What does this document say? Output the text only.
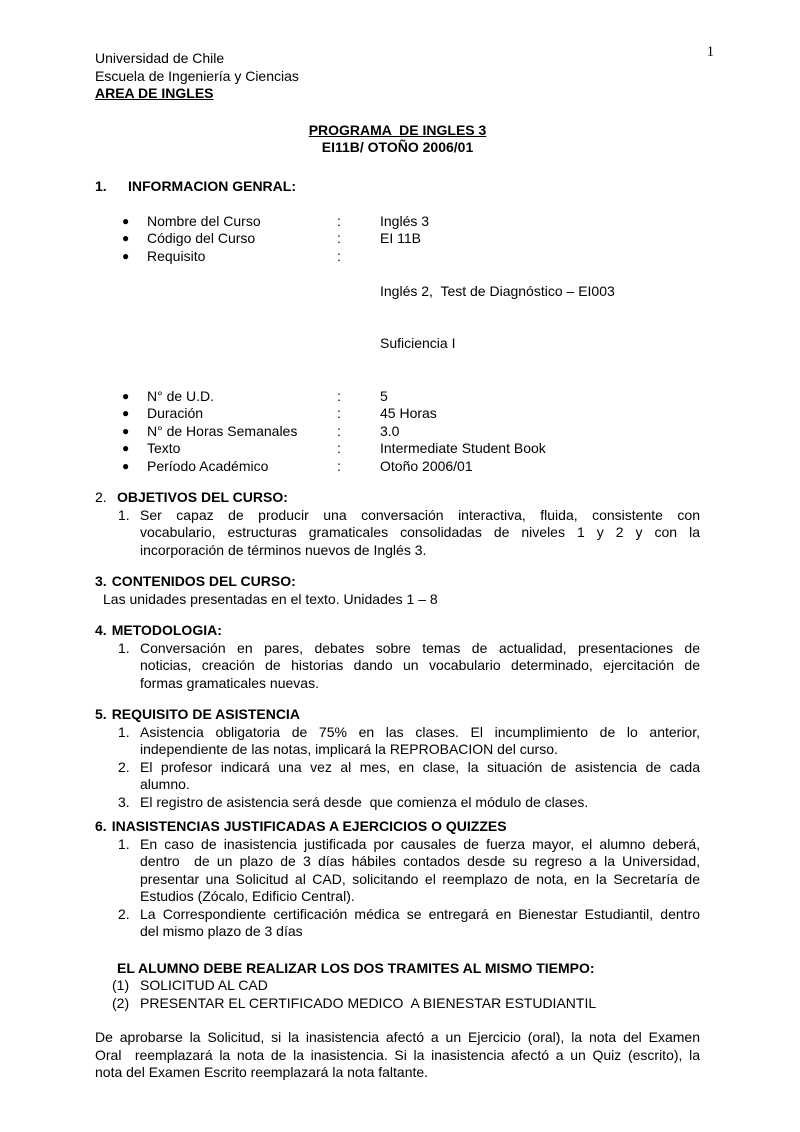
1
Universidad de Chile
Escuela de Ingeniería y Ciencias
AREA DE INGLES
PROGRAMA  DE INGLES 3
EI11B/ OTOÑO 2006/01
1.	INFORMACION GENRAL:
●	Nombre del Curso	:	Inglés 3
●	Código del Curso	:	EI 11B
●	Requisito	:

Inglés 2,  Test de Diagnóstico – EI003

Suficiencia I

●	N° de U.D.	:	5
●	Duración	:	45 Horas
●	N° de Horas Semanales	:	3.0
●	Texto	:	Intermediate Student Book
●	Período Académico	:	Otoño 2006/01
2. OBJETIVOS DEL CURSO:
1. Ser capaz de producir una conversación interactiva, fluida, consistente con
vocabulario, estructuras gramaticales consolidadas de niveles 1 y 2 y con la
incorporación de términos nuevos de Inglés 3.
3. CONTENIDOS DEL CURSO:
Las unidades presentadas en el texto. Unidades 1 – 8
4. METODOLOGIA:
1. Conversación en pares, debates sobre temas de actualidad, presentaciones de
noticias, creación de historias dando un vocabulario determinado, ejercitación de
formas gramaticales nuevas.
5. REQUISITO DE ASISTENCIA
1. Asistencia obligatoria de 75% en las clases. El incumplimiento de lo anterior,
independiente de las notas, implicará la REPROBACION del curso.
2. El profesor indicará una vez al mes, en clase, la situación de asistencia de cada
alumno.
3. El registro de asistencia será desde  que comienza el módulo de clases.
6. INASISTENCIAS JUSTIFICADAS A EJERCICIOS O QUIZZES
1. En caso de inasistencia justificada por causales de fuerza mayor, el alumno deberá,
dentro  de un plazo de 3 días hábiles contados desde su regreso a la Universidad,
presentar una Solicitud al CAD, solicitando el reemplazo de nota, en la Secretaría de
Estudios (Zócalo, Edificio Central).
2. La Correspondiente certificación médica se entregará en Bienestar Estudiantil, dentro
del mismo plazo de 3 días
EL ALUMNO DEBE REALIZAR LOS DOS TRAMITES AL MISMO TIEMPO:
(1) SOLICITUD AL CAD
(2) PRESENTAR EL CERTIFICADO MEDICO  A BIENESTAR ESTUDIANTIL
De aprobarse la Solicitud, si la inasistencia afectó a un Ejercicio (oral), la nota del Examen
Oral  reemplazará la nota de la inasistencia. Si la inasistencia afectó a un Quiz (escrito), la
nota del Examen Escrito reemplazará la nota faltante.
